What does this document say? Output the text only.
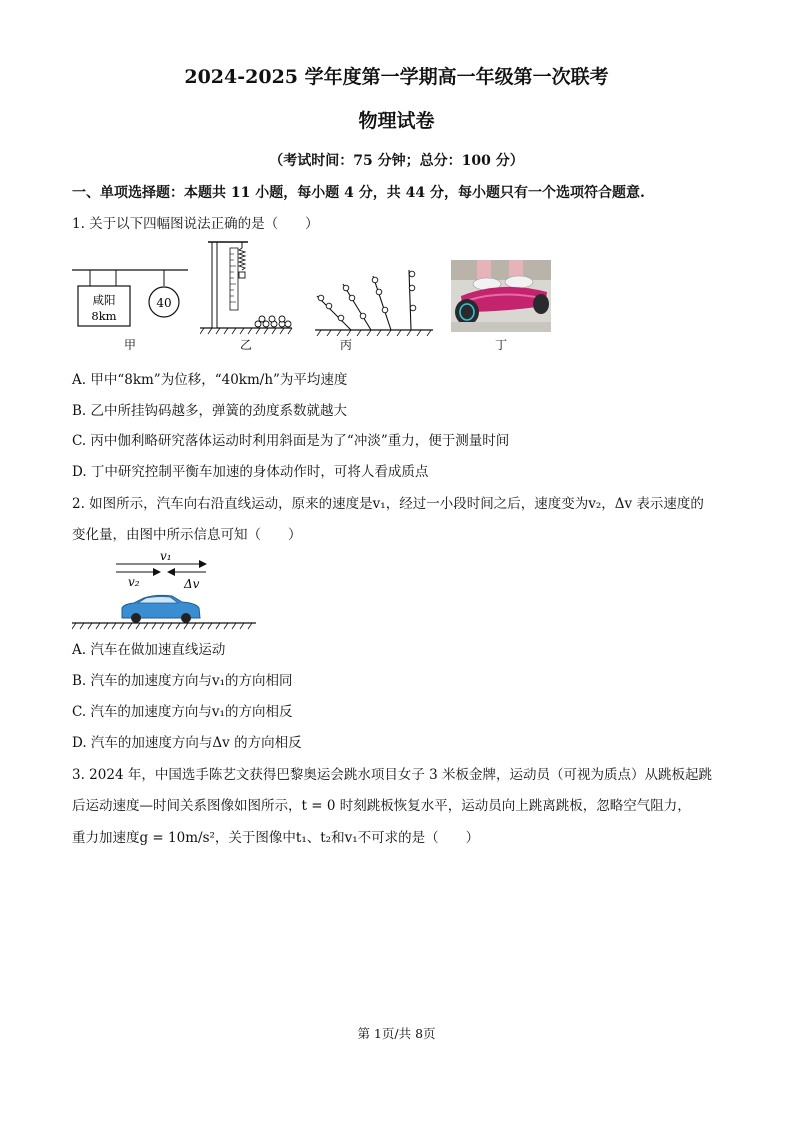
2024-2025 学年度第一学期高一年级第一次联考
物理试卷
（考试时间：75 分钟；总分：100 分）
一、单项选择题：本题共 11 小题，每小题 4 分，共 44 分，每小题只有一个选项符合题意.
1. 关于以下四幅图说法正确的是（　　）
咸阳
8km
40
甲	乙	丙	丁
A. 甲中“8km”为位移，“40km/h”为平均速度
B. 乙中所挂钩码越多，弹簧的劲度系数就越大
C. 丙中伽利略研究落体运动时利用斜面是为了“冲淡”重力，便于测量时间
D. 丁中研究控制平衡车加速的身体动作时，可将人看成质点
2. 如图所示，汽车向右沿直线运动，原来的速度是v₁，经过一小段时间之后，速度变为v₂，Δv 表示速度的
变化量，由图中所示信息可知（　　）
v₁
v₂	Δv
A. 汽车在做加速直线运动
B. 汽车的加速度方向与v₁的方向相同
C. 汽车的加速度方向与v₁的方向相反
D. 汽车的加速度方向与Δv 的方向相反
3. 2024 年，中国选手陈艺文获得巴黎奥运会跳水项目女子 3 米板金牌，运动员（可视为质点）从跳板起跳
后运动速度—时间关系图像如图所示，t = 0 时刻跳板恢复水平，运动员向上跳离跳板，忽略空气阻力，
重力加速度g = 10m/s²，关于图像中t₁、t₂和v₁不可求的是（　　）
第 1页/共 8页
